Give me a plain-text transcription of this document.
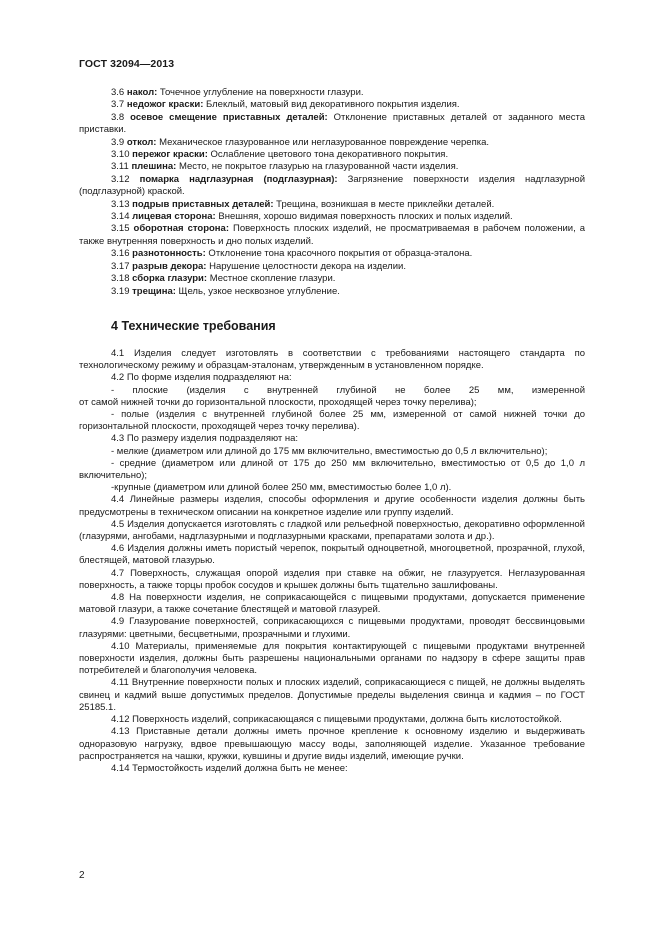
ГОСТ 32094—2013

3.6 накол: Точечное углубление на поверхности глазури.

3.7 недожог краски: Блеклый, матовый вид декоративного покрытия изделия.

3.8 осевое смещение приставных деталей: Отклонение приставных деталей от заданного места приставки.

3.9 откол: Механическое глазурованное или неглазурованное повреждение черепка.

3.10 пережог краски: Ослабление цветового тона декоративного покрытия.

3.11 плешина: Место, не покрытое глазурью на глазурованной части изделия.

3.12 помарка надглазурная (подглазурная): Загрязнение поверхности изделия надглазурной (подглазурной) краской.

3.13 подрыв приставных деталей: Трещина, возникшая в месте приклейки деталей.

3.14 лицевая сторона: Внешняя, хорошо видимая поверхность плоских и полых изделий.

3.15 оборотная сторона: Поверхность плоских изделий, не просматриваемая в рабочем положении, а также внутренняя поверхность и дно полых изделий.

3.16 разнотонность: Отклонение тона красочного покрытия от образца-эталона.

3.17 разрыв декора: Нарушение целостности декора на изделии.

3.18 сборка глазури: Местное скопление глазури.

3.19 трещина: Щель, узкое несквозное углубление.

4 Технические требования

4.1 Изделия следует изготовлять в соответствии с требованиями настоящего стандарта по технологическому режиму и образцам-эталонам, утвержденным в установленном порядке.

4.2 По форме изделия подразделяют на:

- плоские (изделия с внутренней глубиной не более 25 мм, измеренной

от самой нижней точки до горизонтальной плоскости, проходящей через точку перелива);

- полые (изделия с внутренней глубиной более 25 мм, измеренной от самой нижней точки до горизонтальной плоскости, проходящей через точку перелива).

4.3 По размеру изделия подразделяют на:

- мелкие (диаметром или длиной до 175 мм включительно, вместимостью до 0,5 л включительно);

- средние (диаметром или длиной от 175 до 250 мм включительно, вместимостью от 0,5 до 1,0 л включительно);

-крупные (диаметром или длиной более 250 мм, вместимостью более 1,0 л).

4.4 Линейные размеры изделия, способы оформления и другие особенности изделия должны быть предусмотрены в техническом описании на конкретное изделие или группу изделий.

4.5 Изделия допускается изготовлять с гладкой или рельефной поверхностью, декоративно оформленной (глазурями, ангобами, надглазурными и подглазурными красками, препаратами золота и др.).

4.6 Изделия должны иметь пористый черепок, покрытый одноцветной, многоцветной, прозрачной, глухой, блестящей, матовой глазурью.

4.7 Поверхность, служащая опорой изделия при ставке на обжиг, не глазуруется. Неглазурованная поверхность, а также торцы пробок сосудов и крышек должны быть тщательно зашлифованы.

4.8 На поверхности изделия, не соприкасающейся с пищевыми продуктами, допускается применение матовой глазури, а также сочетание блестящей и матовой глазурей.

4.9 Глазурование поверхностей, соприкасающихся с пищевыми продуктами, проводят бессвинцовыми глазурями: цветными, бесцветными, прозрачными и глухими.

4.10 Материалы, применяемые для покрытия контактирующей с пищевыми продуктами внутренней поверхности изделия, должны быть разрешены национальными органами по надзору в сфере защиты прав потребителей и благополучия человека.

4.11 Внутренние поверхности полых и плоских изделий, соприкасающиеся с пищей, не должны выделять свинец и кадмий выше допустимых пределов. Допустимые пределы выделения свинца и кадмия – по ГОСТ 25185.1.

4.12 Поверхность изделий, соприкасающаяся с пищевыми продуктами, должна быть кислотостойкой.

4.13 Приставные детали должны иметь прочное крепление к основному изделию и выдерживать одноразовую нагрузку, вдвое превышающую массу воды, заполняющей изделие. Указанное требование распространяется на чашки, кружки, кувшины и другие виды изделий, имеющие ручки.

4.14 Термостойкость изделий должна быть не менее:

2
